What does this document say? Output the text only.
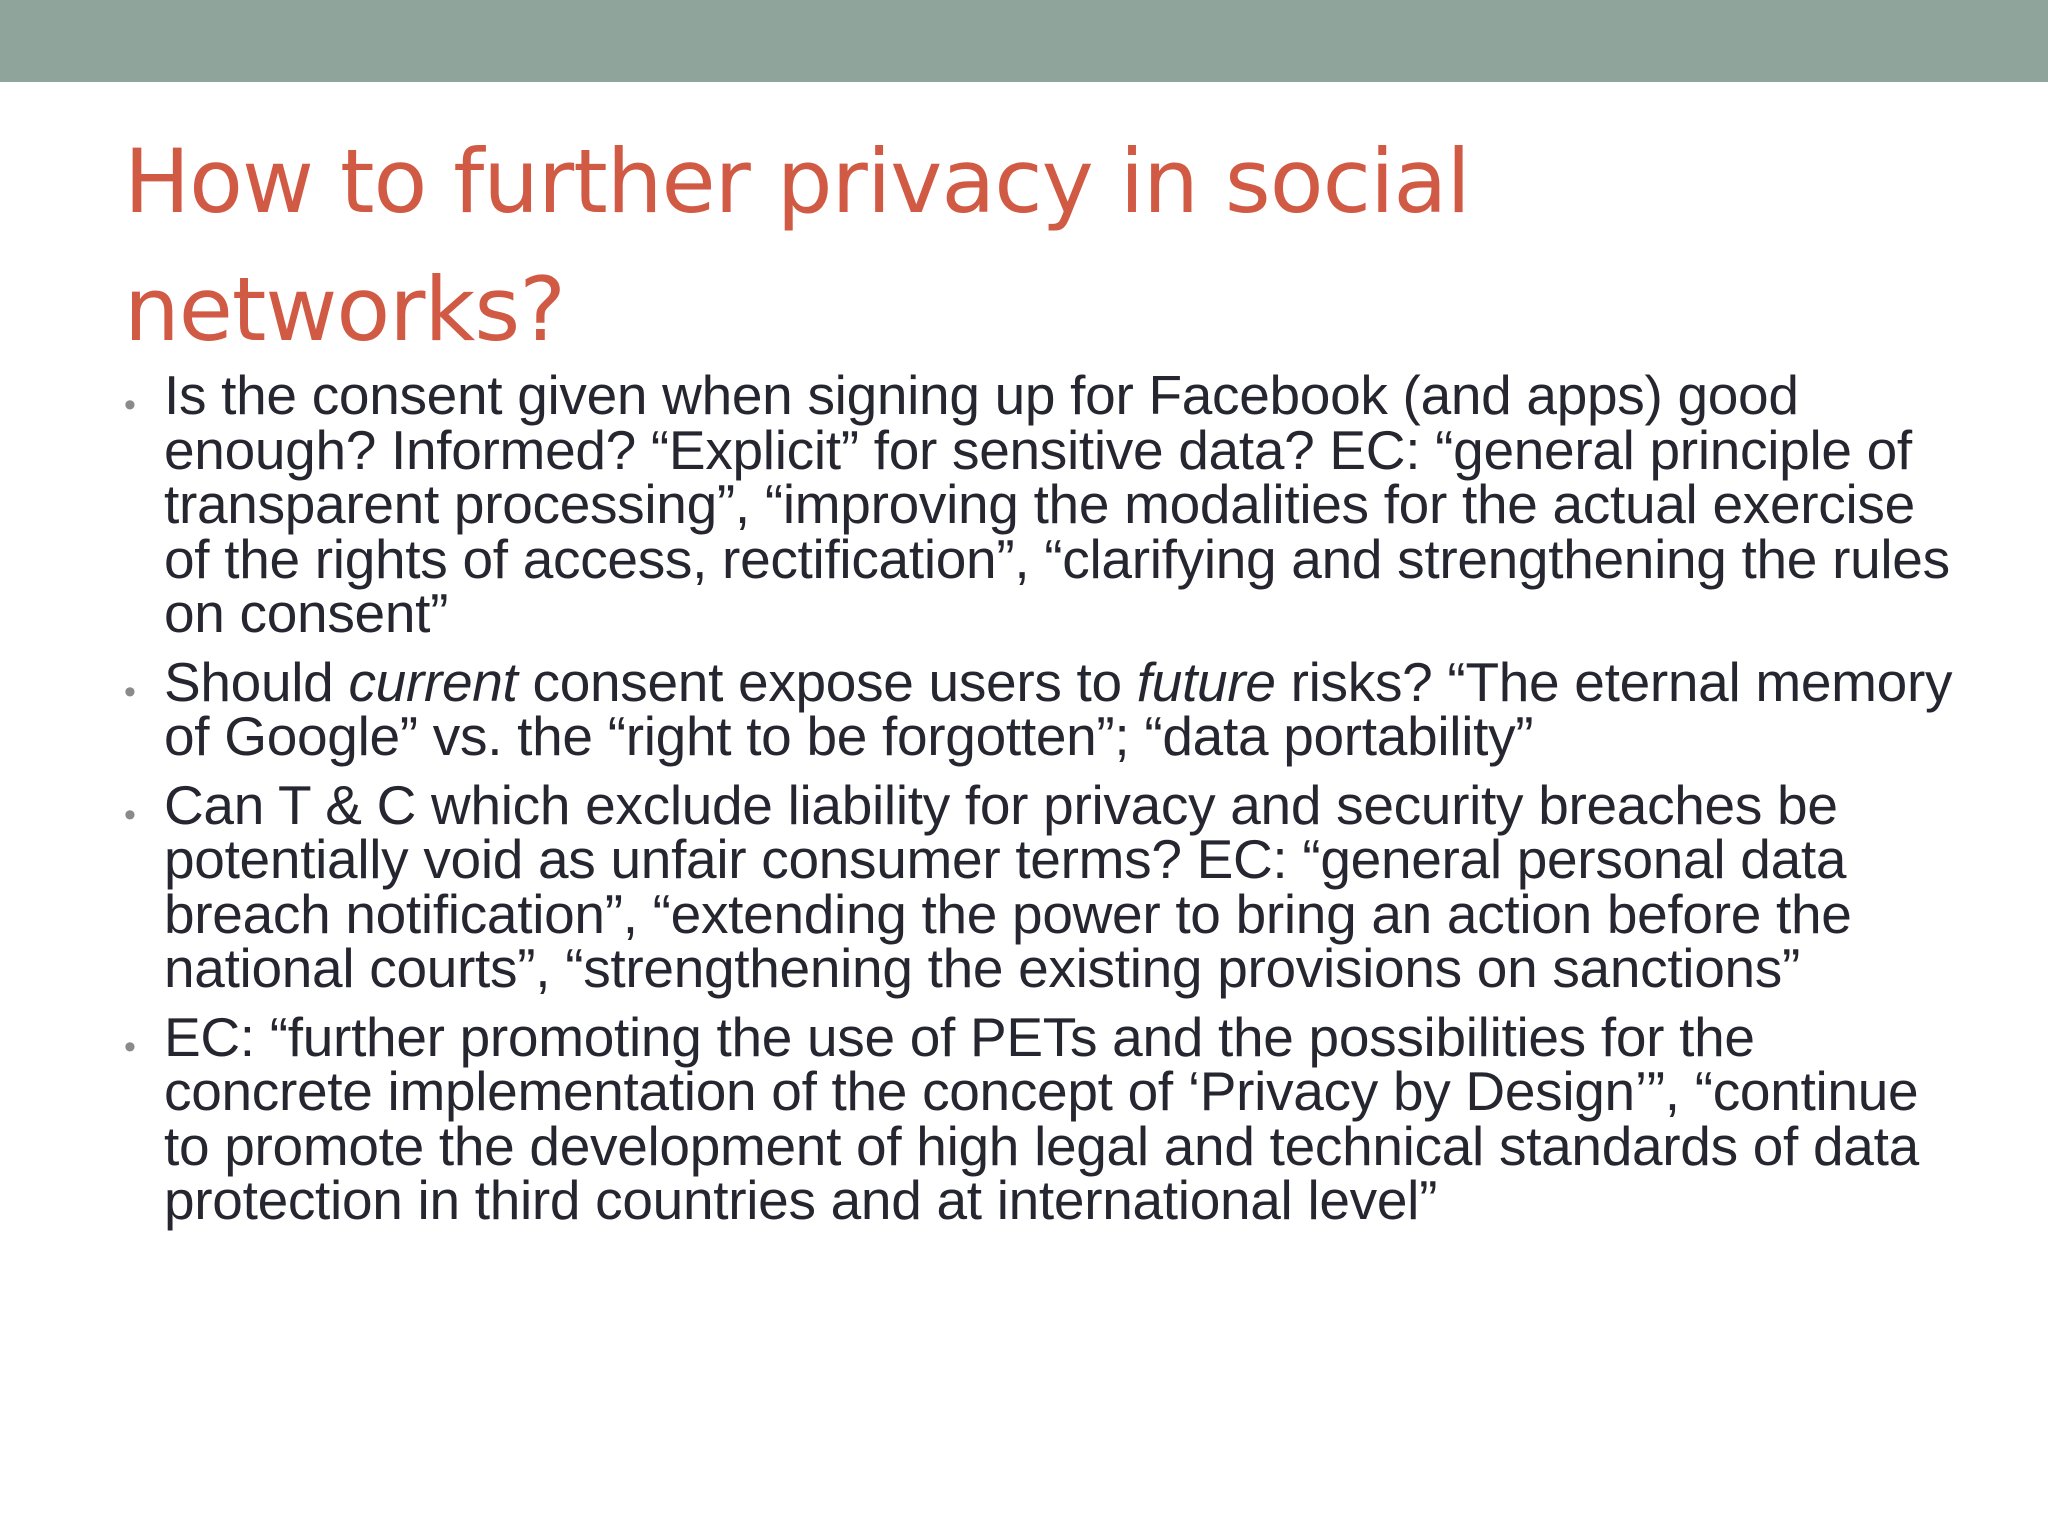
How to further privacy in social networks?
• Is the consent given when signing up for Facebook (and apps) good enough? Informed? “Explicit” for sensitive data? EC: “general principle of transparent processing”, “improving the modalities for the actual exercise of the rights of access, rectification”, “clarifying and strengthening the rules on consent”
• Should current consent expose users to future risks? “The eternal memory of Google” vs. the “right to be forgotten”; “data portability”
• Can T & C which exclude liability for privacy and security breaches be potentially void as unfair consumer terms? EC: “general personal data breach notification”, “extending the power to bring an action before the national courts”, “strengthening the existing provisions on sanctions”
• EC: “further promoting the use of PETs and the possibilities for the concrete implementation of the concept of ‘Privacy by Design’”, “continue to promote the development of high legal and technical standards of data protection in third countries and at international level”
